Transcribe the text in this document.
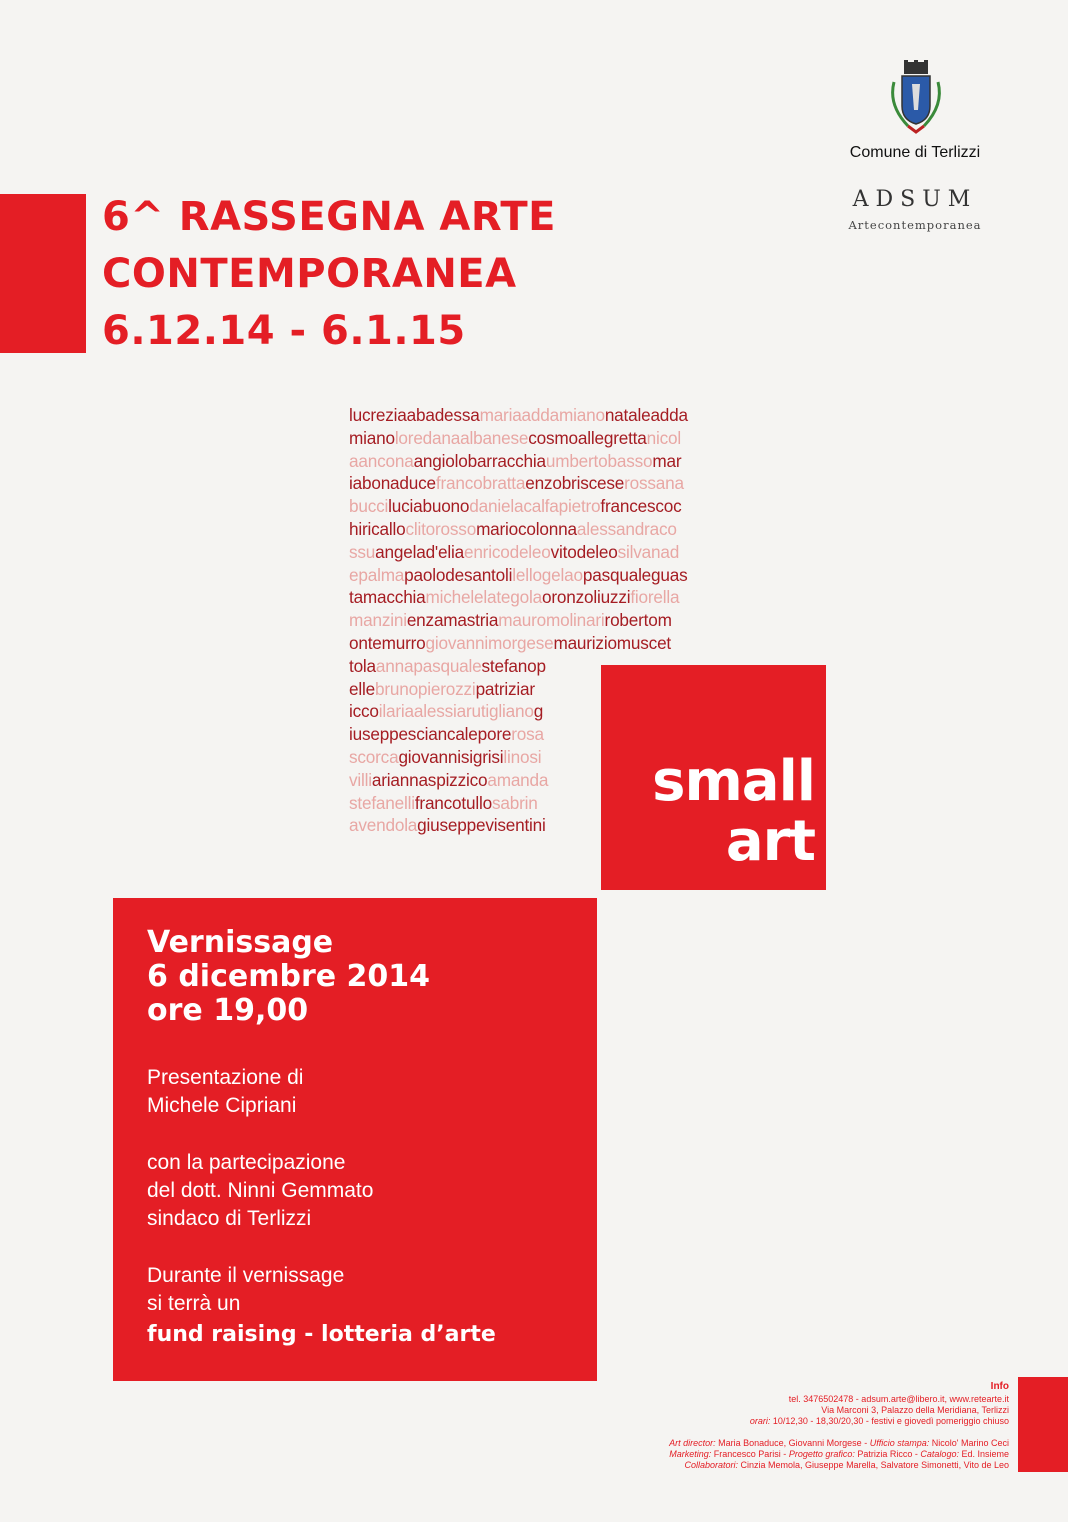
Comune di Terlizzi
ADSUM
Artecontemporanea
6^ RASSEGNA ARTE
CONTEMPORANEA
6.12.14 - 6.1.15
lucreziaabadessamariaaddamianonataleadda
mianoloredanaalbanesecosmoallegrettanicol
aanconaangiolobarracchiaumbertobassomar
iabonaducefrancobrattaenzobrisceserossana
bucciluciabuonodanielacalfapietrofrancescoc
hiricalloclitorossomariocolonnaalessandraco
ssuangelad'eliaenricodeleovitodeleosilvanad
epalmapaolodesantolilellogelaopasqualeguas
tamacchiamichelelategolaoronzoliuzzifiorella
manzinienzamastriamauromolinarirobertom
ontemurrogiovannimorgesemauriziomuscet
tolaannapasqualestefanop
ellebrunopierozzipatriziar
iccoilariaalessiarutiglianog
iuseppesciancaleporerosa
scorcagiovannisigrisilinosi
villiariannaspizzicoamanda
stefanellifrancotullosabrin
avendolagiuseppevisentini
small
art
Vernissage
6 dicembre 2014
ore 19,00
Presentazione di
Michele Cipriani
con la partecipazione
del dott. Ninni Gemmato
sindaco di Terlizzi
Durante il vernissage
si terrà un
fund raising - lotteria d’arte
Info
tel. 3476502478 - adsum.arte@libero.it, www.retearte.it
Via Marconi 3, Palazzo della Meridiana, Terlizzi
orari: 10/12,30 - 18,30/20,30 - festivi e giovedì pomeriggio chiuso
Art director: Maria Bonaduce, Giovanni Morgese - Ufficio stampa: Nicolo' Marino Ceci
Marketing: Francesco Parisi - Progetto grafico: Patrizia Ricco - Catalogo: Ed. Insieme
Collaboratori: Cinzia Memola, Giuseppe Marella, Salvatore Simonetti, Vito de Leo
